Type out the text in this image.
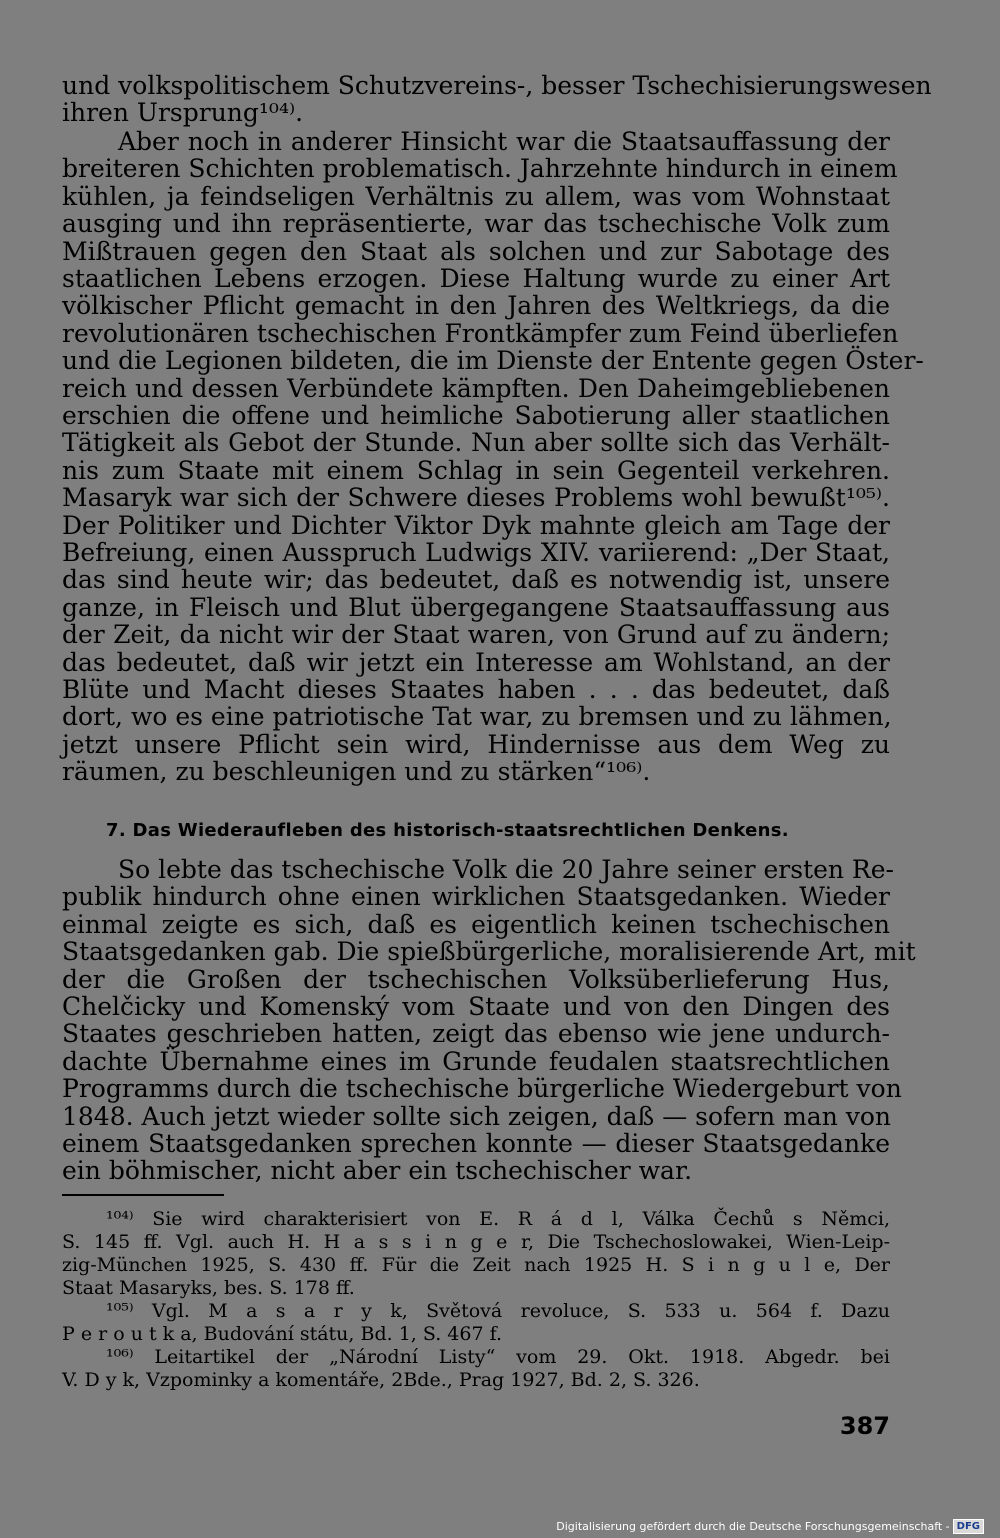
und volkspolitischem Schutzvereins-, besser Tschechisierungswesen
ihren Ursprung¹⁰⁴⁾.
Aber noch in anderer Hinsicht war die Staatsauffassung der
breiteren Schichten problematisch. Jahrzehnte hindurch in einem
kühlen, ja feindseligen Verhältnis zu allem, was vom Wohnstaat
ausging und ihn repräsentierte, war das tschechische Volk zum
Mißtrauen gegen den Staat als solchen und zur Sabotage des
staatlichen Lebens erzogen. Diese Haltung wurde zu einer Art
völkischer Pflicht gemacht in den Jahren des Weltkriegs, da die
revolutionären tschechischen Frontkämpfer zum Feind überliefen
und die Legionen bildeten, die im Dienste der Entente gegen Öster-
reich und dessen Verbündete kämpften. Den Daheimgebliebenen
erschien die offene und heimliche Sabotierung aller staatlichen
Tätigkeit als Gebot der Stunde. Nun aber sollte sich das Verhält-
nis zum Staate mit einem Schlag in sein Gegenteil verkehren.
Masaryk war sich der Schwere dieses Problems wohl bewußt¹⁰⁵⁾.
Der Politiker und Dichter Viktor Dyk mahnte gleich am Tage der
Befreiung, einen Ausspruch Ludwigs XIV. variierend: „Der Staat,
das sind heute wir; das bedeutet, daß es notwendig ist, unsere
ganze, in Fleisch und Blut übergegangene Staatsauffassung aus
der Zeit, da nicht wir der Staat waren, von Grund auf zu ändern;
das bedeutet, daß wir jetzt ein Interesse am Wohlstand, an der
Blüte und Macht dieses Staates haben . . . das bedeutet, daß
dort, wo es eine patriotische Tat war, zu bremsen und zu lähmen,
jetzt unsere Pflicht sein wird, Hindernisse aus dem Weg zu
räumen, zu beschleunigen und zu stärken“¹⁰⁶⁾.
So lebte das tschechische Volk die 20 Jahre seiner ersten Re-
publik hindurch ohne einen wirklichen Staatsgedanken. Wieder
einmal zeigte es sich, daß es eigentlich keinen tschechischen
Staatsgedanken gab. Die spießbürgerliche, moralisierende Art, mit
der die Großen der tschechischen Volksüberlieferung Hus,
Chelčicky und Komenský vom Staate und von den Dingen des
Staates geschrieben hatten, zeigt das ebenso wie jene undurch-
dachte Übernahme eines im Grunde feudalen staatsrechtlichen
Programms durch die tschechische bürgerliche Wiedergeburt von
1848. Auch jetzt wieder sollte sich zeigen, daß — sofern man von
einem Staatsgedanken sprechen konnte — dieser Staatsgedanke
ein böhmischer, nicht aber ein tschechischer war.
7. Das Wiederaufleben des historisch-staatsrechtlichen Denkens.
¹⁰⁴⁾ Sie wird charakterisiert von E. R á d l, Válka Čechů s Němci,
S. 145 ff. Vgl. auch H. H a s s i n g e r, Die Tschechoslowakei, Wien-Leip-
zig-München 1925, S. 430 ff. Für die Zeit nach 1925 H. S i n g u l e, Der
Staat Masaryks, bes. S. 178 ff.
¹⁰⁵⁾ Vgl. M a s a r y k, Světová revoluce, S. 533 u. 564 f. Dazu
P e r o u t k a, Budování státu, Bd. 1, S. 467 f.
¹⁰⁶⁾ Leitartikel der „Národní Listy“ vom 29. Okt. 1918. Abgedr. bei
V. D y k, Vzpominky a komentáře, 2Bde., Prag 1927, Bd. 2, S. 326.
387
Digitalisierung gefördert durch die Deutsche Forschungsgemeinschaft - DFG
